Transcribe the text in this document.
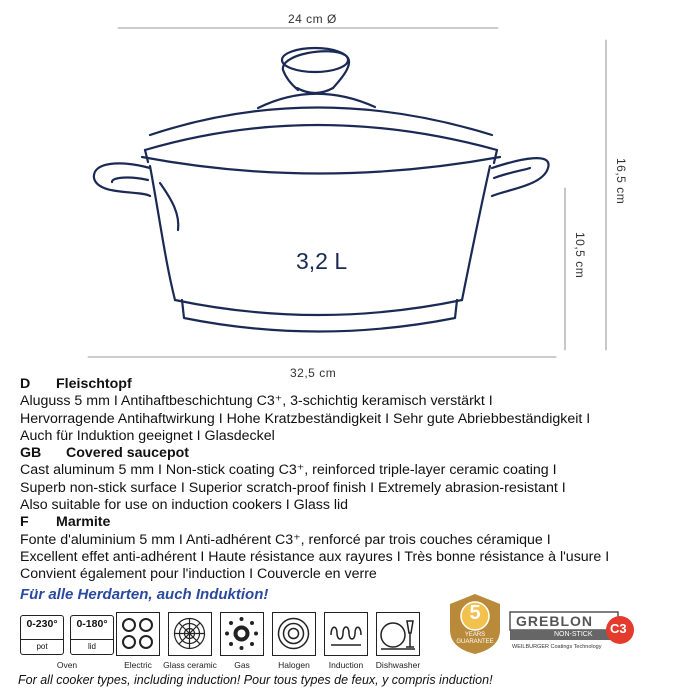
24 cm Ø
32,5 cm
16,5 cm
10,5 cm
3,2 L
D Fleischtopf
Aluguss 5 mm I Antihaftbeschichtung C3⁺, 3-schichtig keramisch verstärkt I
Hervorragende Antihaftwirkung I Hohe Kratzbeständigkeit I Sehr gute Abriebbeständigkeit I
Auch für Induktion geeignet I Glasdeckel
GB Covered saucepot
Cast aluminum 5 mm I Non-stick coating C3⁺, reinforced triple-layer ceramic coating I
Superb non-stick surface I Superior scratch-proof finish I Extremely abrasion-resistant I
Also suitable for use on induction cookers I Glass lid
F Marmite
Fonte d'aluminium 5 mm I Anti-adhérent C3⁺, renforcé par trois couches céramique I
Excellent effet anti-adhérent I Haute résistance aux rayures I Très bonne résistance à l'usure I
Convient également pour l'induction I Couvercle en verre
Für alle Herdarten, auch Induktion!
0-230°
pot
0-180°
lid
Oven	Electric	Glass ceramic	Gas	Halogen	Induction	Dishwasher
5
YEARS
GUARANTEE
GREBLON
NON-STICK C3
WEILBURGER Coatings Technology
For all cooker types, including induction! Pour tous types de feux, y compris induction!
